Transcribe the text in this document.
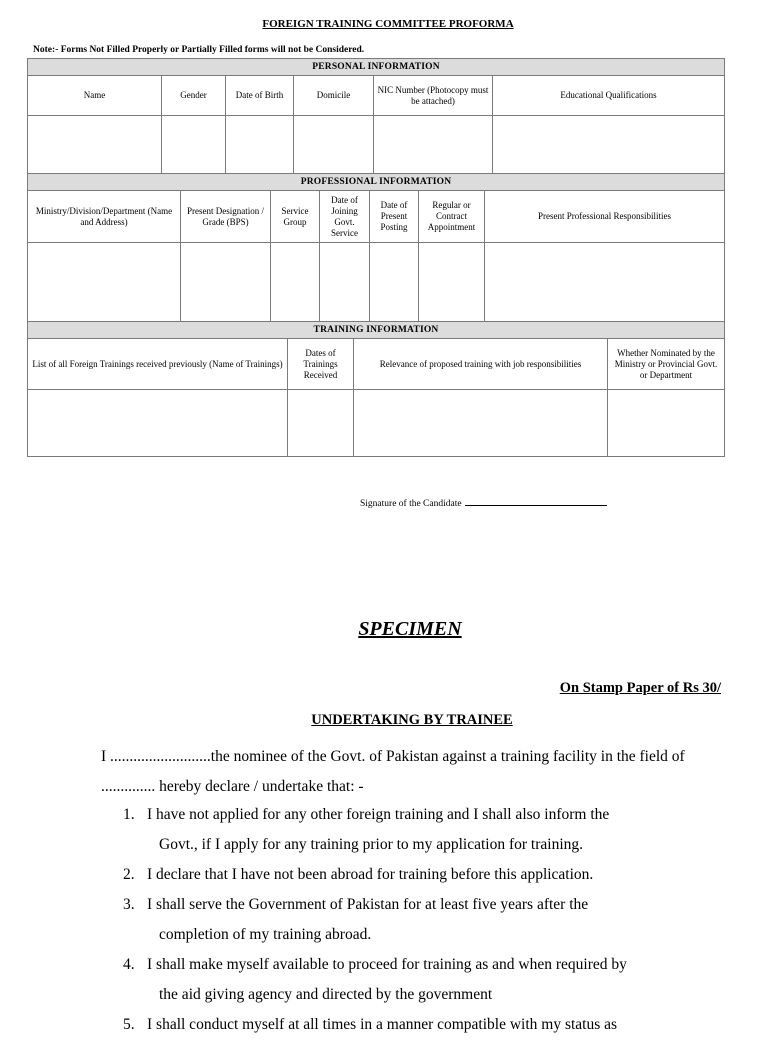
FOREIGN TRAINING COMMITTEE PROFORMA
Note:- Forms Not Filled Properly or Partially Filled forms will not be Considered.
PERSONAL INFORMATION					
Name	Gender	Date of Birth	Domicile	NIC Number (Photocopy must be attached)	Educational Qualifications

PROFESSIONAL INFORMATION						
Ministry/Division/Department (Name and Address)	Present Designation / Grade (BPS)	Service Group	Date of Joining Govt. Service	Date of Present Posting	Regular or Contract Appointment	Present Professional Responsibilities

TRAINING INFORMATION			
List of all Foreign Trainings received previously (Name of Trainings)	Dates of Trainings Received	Relevance of proposed training with job responsibilities	Whether Nominated by the Ministry or Provincial Govt. or Department

Signature of the Candidate
SPECIMEN
On Stamp Paper of Rs 30/
UNDERTAKING BY TRAINEE
I ..........................the nominee of the Govt. of Pakistan against a training facility in the field of .............. hereby declare / undertake that: -
1. I have not applied for any other foreign training and I shall also inform the
Govt., if I apply for any training prior to my application for training.
2. I declare that I have not been abroad for training before this application.
3. I shall serve the Government of Pakistan for at least five years after the
completion of my training abroad.
4. I shall make myself available to proceed for training as and when required by
the aid giving agency and directed by the government
5. I shall conduct myself at all times in a manner compatible with my status as
